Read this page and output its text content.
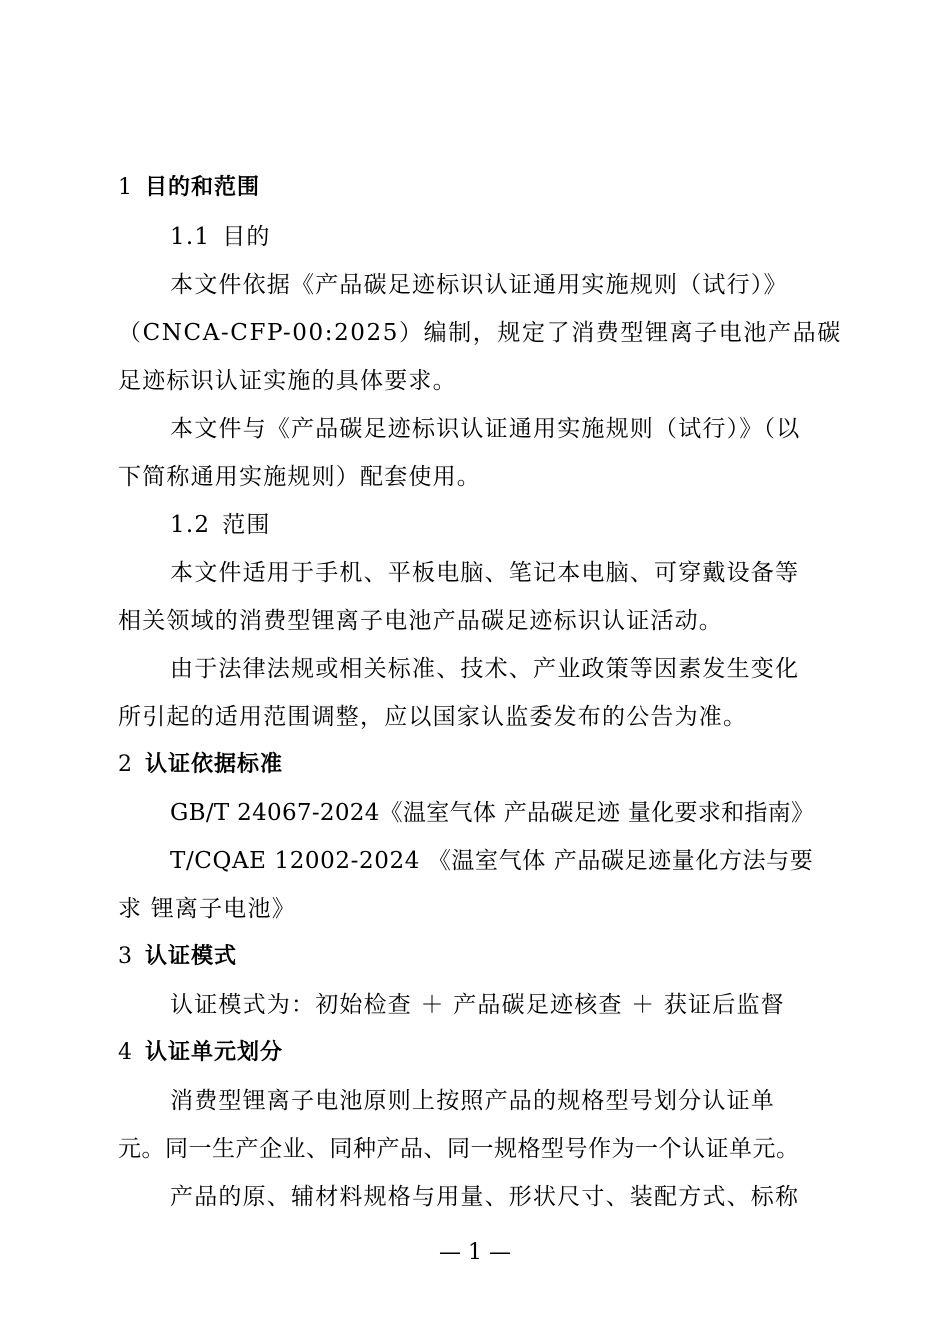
1 目的和范围
1.1 目的
本文件依据《产品碳足迹标识认证通用实施规则（试行）》
（CNCA-CFP-00:2025）编制，规定了消费型锂离子电池产品碳
足迹标识认证实施的具体要求。
本文件与《产品碳足迹标识认证通用实施规则（试行）》（以
下简称通用实施规则）配套使用。
1.2 范围
本文件适用于手机、平板电脑、笔记本电脑、可穿戴设备等
相关领域的消费型锂离子电池产品碳足迹标识认证活动。
由于法律法规或相关标准、技术、产业政策等因素发生变化
所引起的适用范围调整，应以国家认监委发布的公告为准。
2 认证依据标准
GB/T 24067-2024《温室气体 产品碳足迹 量化要求和指南》
T/CQAE 12002-2024 《温室气体 产品碳足迹量化方法与要
求 锂离子电池》
3 认证模式
认证模式为：初始检查 ＋ 产品碳足迹核查 ＋ 获证后监督
4 认证单元划分
消费型锂离子电池原则上按照产品的规格型号划分认证单
元。同一生产企业、同种产品、同一规格型号作为一个认证单元。
产品的原、辅材料规格与用量、形状尺寸、装配方式、标称
— 1 —
